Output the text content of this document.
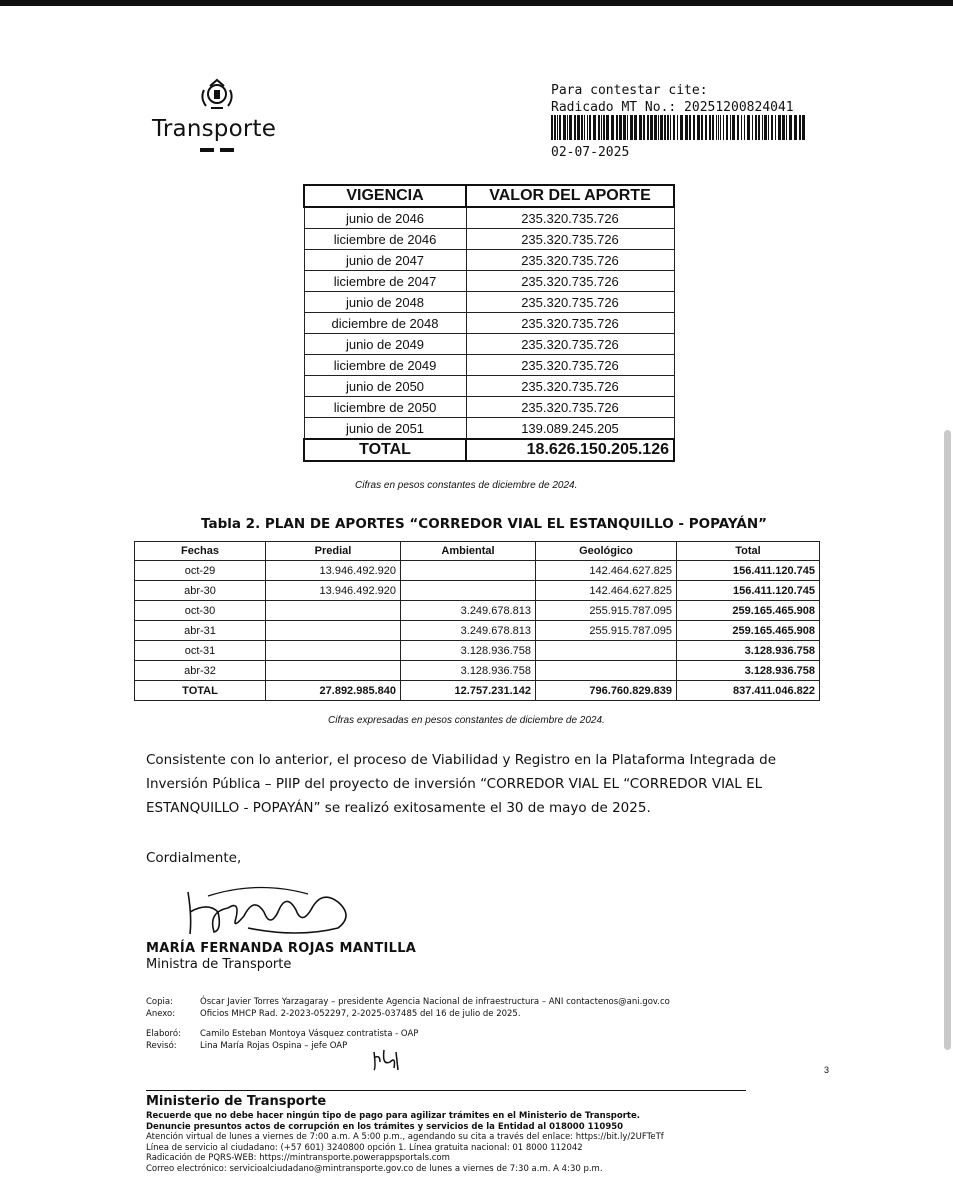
Transporte
Para contestar cite:
Radicado MT No.: 20251200824041
02-07-2025
VIGENCIA	VALOR DEL APORTE
junio de 2046	235.320.735.726
liciembre de 2046	235.320.735.726
junio de 2047	235.320.735.726
liciembre de 2047	235.320.735.726
junio de 2048	235.320.735.726
diciembre de 2048	235.320.735.726
junio de 2049	235.320.735.726
liciembre de 2049	235.320.735.726
junio de 2050	235.320.735.726
liciembre de 2050	235.320.735.726
junio de 2051	139.089.245.205
TOTAL	18.626.150.205.126
Cifras en pesos constantes de diciembre de 2024.
Tabla 2. PLAN DE APORTES “CORREDOR VIAL EL ESTANQUILLO - POPAYÁN”
Fechas	Predial	Ambiental	Geológico	Total
oct-29	13.946.492.920		142.464.627.825	156.411.120.745
abr-30	13.946.492.920		142.464.627.825	156.411.120.745
oct-30		3.249.678.813	255.915.787.095	259.165.465.908
abr-31		3.249.678.813	255.915.787.095	259.165.465.908
oct-31		3.128.936.758		3.128.936.758
abr-32		3.128.936.758		3.128.936.758
TOTAL	27.892.985.840	12.757.231.142	796.760.829.839	837.411.046.822
Cifras expresadas en pesos constantes de diciembre de 2024.
Consistente con lo anterior, el proceso de Viabilidad y Registro en la Plataforma Integrada de Inversión Pública – PIIP del proyecto de inversión “CORREDOR VIAL EL “CORREDOR VIAL EL ESTANQUILLO - POPAYÁN” se realizó exitosamente el 30 de mayo de 2025.
Cordialmente,
MARÍA FERNANDA ROJAS MANTILLA
Ministra de Transporte
Copia:	Óscar Javier Torres Yarzagaray – presidente Agencia Nacional de infraestructura – ANI contactenos@ani.gov.co
Anexo:	Oficios MHCP Rad. 2-2023-052297, 2-2025-037485 del 16 de julio de 2025.
Elaboró: Camilo Esteban Montoya Vásquez contratista - OAP
Revisó:	Lina María Rojas Ospina – jefe OAP
3
Ministerio de Transporte
Recuerde que no debe hacer ningún tipo de pago para agilizar trámites en el Ministerio de Transporte.
Denuncie presuntos actos de corrupción en los trámites y servicios de la Entidad al 018000 110950
Atención virtual de lunes a viernes de 7:00 a.m. A 5:00 p.m., agendando su cita a través del enlace: https://bit.ly/2UFTeTf
Línea de servicio al ciudadano: (+57 601) 3240800 opción 1. Línea gratuita nacional: 01 8000 112042
Radicación de PQRS-WEB: https://mintransporte.powerappsportals.com
Correo electrónico: servicioalciudadano@mintransporte.gov.co de lunes a viernes de 7:30 a.m. A 4:30 p.m.
